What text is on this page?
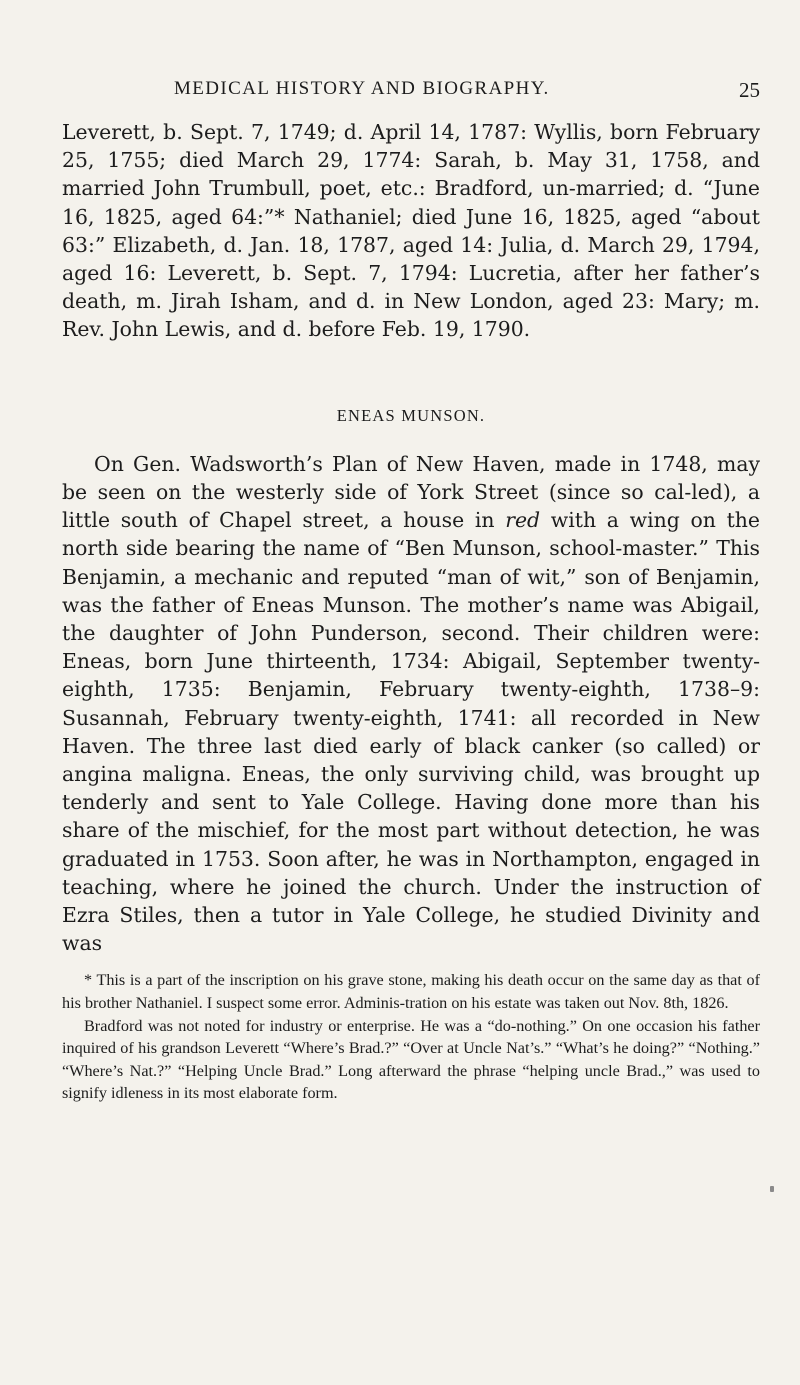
MEDICAL HISTORY AND BIOGRAPHY.	25

Leverett, b. Sept. 7, 1749; d. April 14, 1787: Wyllis, born February 25, 1755; died March 29, 1774: Sarah, b. May 31, 1758, and married John Trumbull, poet, etc.: Bradford, un-married; d. “June 16, 1825, aged 64:”* Nathaniel; died June 16, 1825, aged “about 63:” Elizabeth, d. Jan. 18, 1787, aged 14: Julia, d. March 29, 1794, aged 16: Leverett, b. Sept. 7, 1794: Lucretia, after her father’s death, m. Jirah Isham, and d. in New London, aged 23: Mary; m. Rev. John Lewis, and d. before Feb. 19, 1790.

ENEAS MUNSON.

On Gen. Wadsworth’s Plan of New Haven, made in 1748, may be seen on the westerly side of York Street (since so cal-led), a little south of Chapel street, a house in red with a wing on the north side bearing the name of “Ben Munson, school-master.” This Benjamin, a mechanic and reputed “man of wit,” son of Benjamin, was the father of Eneas Munson. The mother’s name was Abigail, the daughter of John Punderson, second. Their children were: Eneas, born June thirteenth, 1734: Abigail, September twenty-eighth, 1735: Benjamin, February twenty-eighth, 1738–9: Susannah, February twenty-eighth, 1741: all recorded in New Haven. The three last died early of black canker (so called) or angina maligna. Eneas, the only surviving child, was brought up tenderly and sent to Yale College. Having done more than his share of the mischief, for the most part without detection, he was graduated in 1753. Soon after, he was in Northampton, engaged in teaching, where he joined the church. Under the instruction of Ezra Stiles, then a tutor in Yale College, he studied Divinity and was

* This is a part of the inscription on his grave stone, making his death occur on the same day as that of his brother Nathaniel. I suspect some error. Adminis-tration on his estate was taken out Nov. 8th, 1826.

Bradford was not noted for industry or enterprise. He was a “do-nothing.” On one occasion his father inquired of his grandson Leverett “Where’s Brad.?” “Over at Uncle Nat’s.” “What’s he doing?” “Nothing.” “Where’s Nat.?” “Helping Uncle Brad.” Long afterward the phrase “helping uncle Brad.,” was used to signify idleness in its most elaborate form.
